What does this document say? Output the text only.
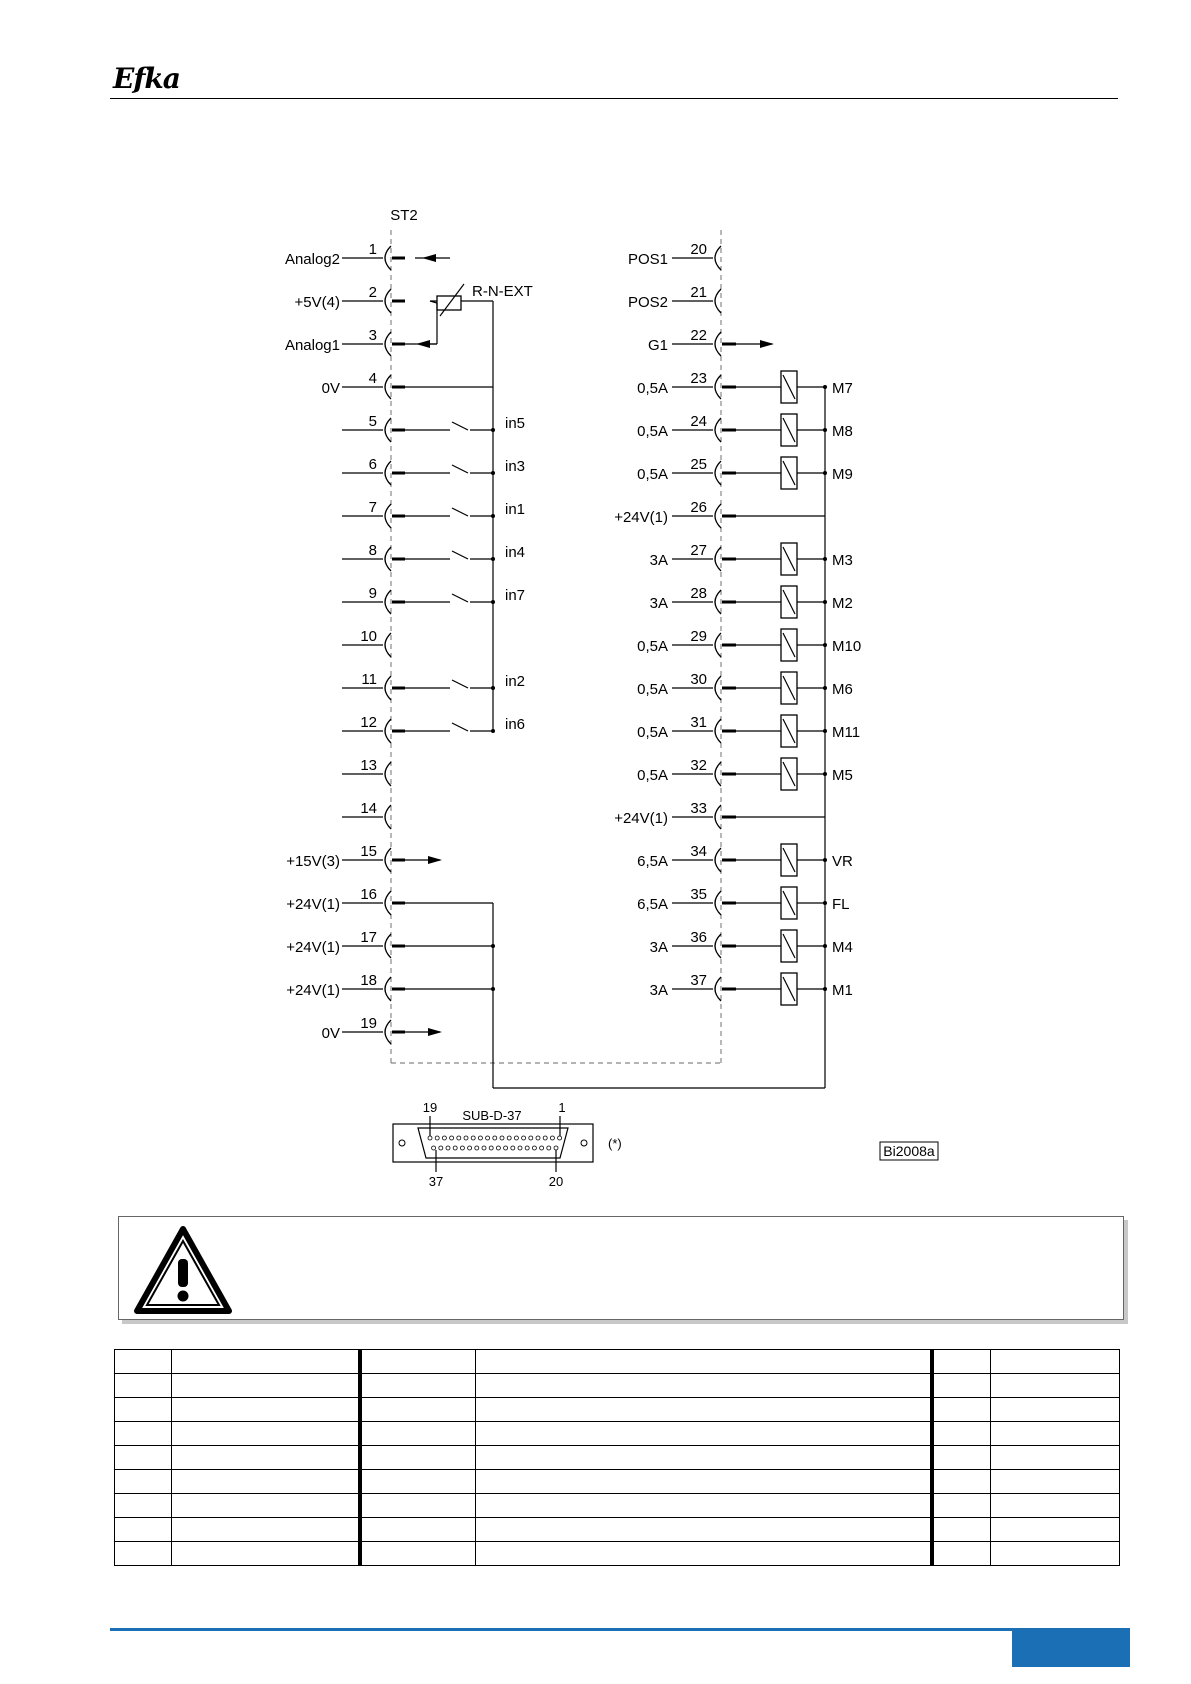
Efka
ST2
1
Analog2
2
+5V(4)
3
Analog1
4
0V
5
6
7
8
9
10
11
12
13
14
15
+15V(3)
16
+24V(1)
17
+24V(1)
18
+24V(1)
19
0V
R-N-EXT
in5
in3
in1
in4
in7
in2
in6
20
POS1
21
POS2
22
G1
23
0,5A	M7
24
0,5A	M8
25
0,5A	M9
26
+24V(1)
27
3A	M3
28
3A	M2
29
0,5A	M10
30
0,5A	M6
31
0,5A	M11
32
0,5A	M5
33
+24V(1)
34
6,5A	VR
35
6,5A	FL
36
3A	M4
37
3A	M1
SUB-D-37
19	1
37	20
(*)	Bi2008a
